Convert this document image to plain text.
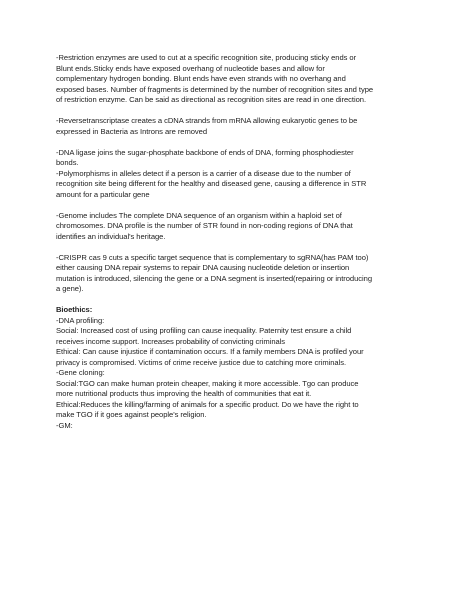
-Restriction enzymes are used to cut at a specific recognition site, producing sticky ends or
Blunt ends.Sticky ends have exposed overhang of nucleotide bases and allow for
complementary hydrogen bonding. Blunt ends have even strands with no overhang and
exposed bases. Number of fragments is determined by the number of recognition sites and type
of restriction enzyme. Can be said as directional as recognition sites are read in one direction.

-Reversetranscriptase creates a cDNA strands from mRNA allowing eukaryotic genes to be
expressed in Bacteria as Introns are removed

-DNA ligase joins the sugar-phosphate backbone of ends of DNA, forming phosphodiester
bonds.
-Polymorphisms in alleles detect if a person is a carrier of a disease due to the number of
recognition site being different for the healthy and diseased gene, causing a difference in STR
amount for a particular gene

-Genome includes The complete DNA sequence of an organism within a haploid set of
chromosomes. DNA profile is the number of STR found in non-coding regions of DNA that
identifies an individual's heritage.

-CRISPR cas 9 cuts a specific target sequence that is complementary to sgRNA(has PAM too)
either causing DNA repair systems to repair DNA causing nucleotide deletion or insertion
mutation is introduced, silencing the gene or a DNA segment is inserted(repairing or introducing
a gene).

Bioethics:
-DNA profiling:
Social: Increased cost of using profiling can cause inequality. Paternity test ensure a child
receives income support. Increases probability of convicting criminals
Ethical: Can cause injustice if contamination occurs. If a family members DNA is profiled your
privacy is compromised. Victims of crime receive justice due to catching more criminals.
-Gene cloning:
Social:TGO can make human protein cheaper, making it more accessible. Tgo can produce
more nutritional products thus improving the health of communities that eat it.
Ethical:Reduces the killing/farming of animals for a specific product. Do we have the right to
make TGO if it goes against people's religion.
-GM:
